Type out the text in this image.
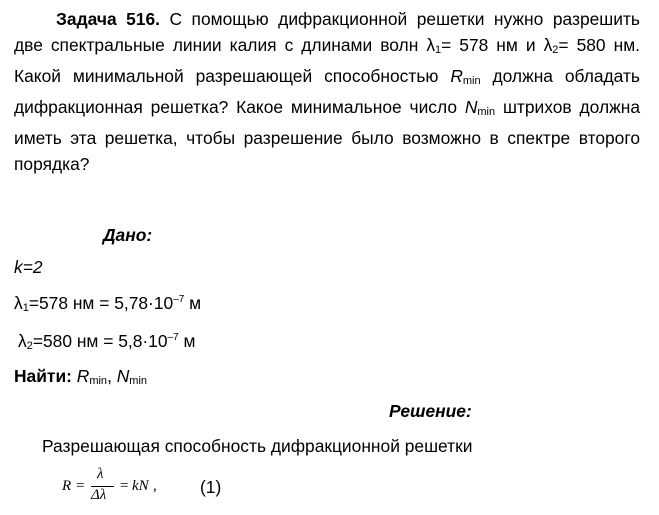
Задача 516. С помощью дифракционной решетки нужно разрешить две спектральные линии калия с длинами волн λ1= 578 нм и λ2= 580 нм. Какой минимальной разрешающей способностью Rmin должна обладать дифракционная решетка? Какое минимальное число Nmin штрихов должна иметь эта решетка, чтобы разрешение было возможно в спектре второго порядка?

Дано:
k=2
λ1=578 нм = $5,78\cdot 10^{-7}$ м
λ2=580 нм = $5,8\cdot 10^{-7}$ м
Найти: Rmin, Nmin
Решение:
Разрешающая способность дифракционной решетки
R =
λ
Δλ
= kN , (1)
